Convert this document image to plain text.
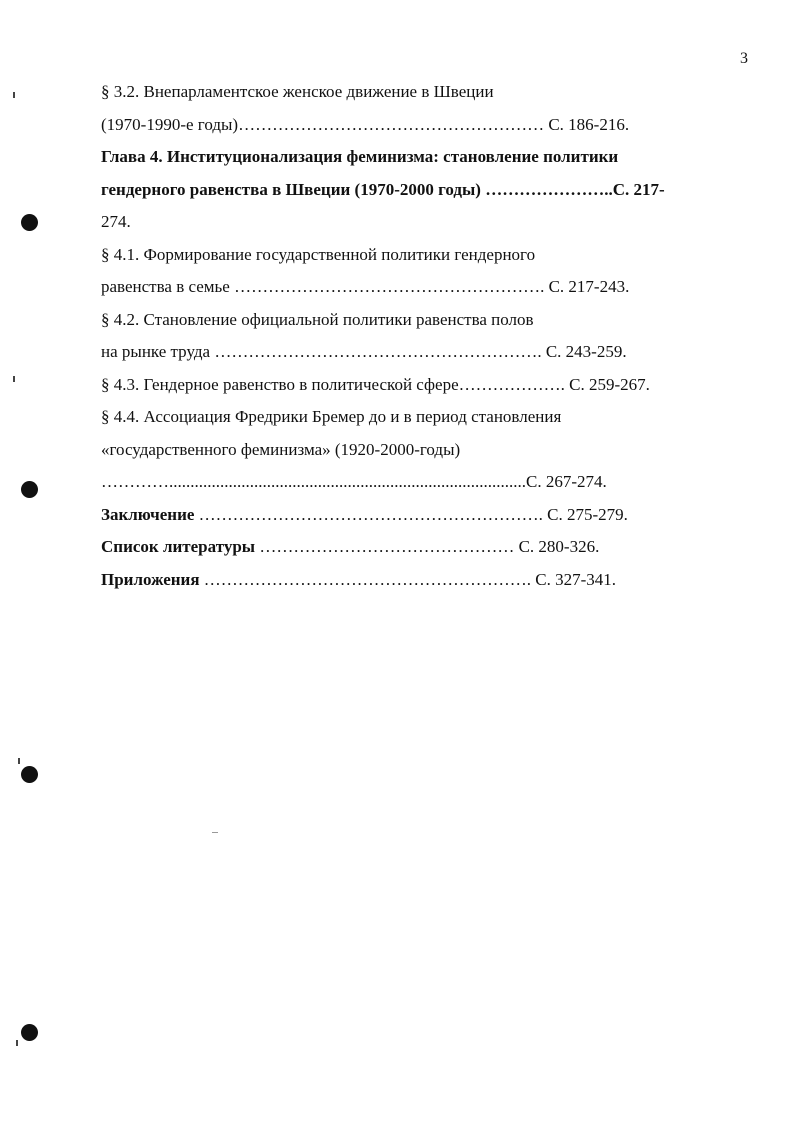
3
§ 3.2. Внепарламентское женское движение в Швеции
(1970-1990-е годы)……………………………………………… С. 186-216.
Глава 4. Институционализация феминизма: становление политики
гендерного равенства в Швеции (1970-2000 годы) …………………..С. 217-
274.
§ 4.1. Формирование государственной политики гендерного
равенства в семье ………………………………………………. С. 217-243.
§ 4.2. Становление официальной политики равенства полов
на рынке труда …………………………………………………. С. 243-259.
§ 4.3. Гендерное равенство в политической сфере………………. С. 259-267.
§ 4.4. Ассоциация Фредрики Бремер до и в период становления
«государственного феминизма» (1920-2000-годы)
…………....................................................................................С. 267-274.
Заключение ……………………………………………………. С. 275-279.
Список литературы ……………………………………… С. 280-326.
Приложения …………………………………………………. С. 327-341.
